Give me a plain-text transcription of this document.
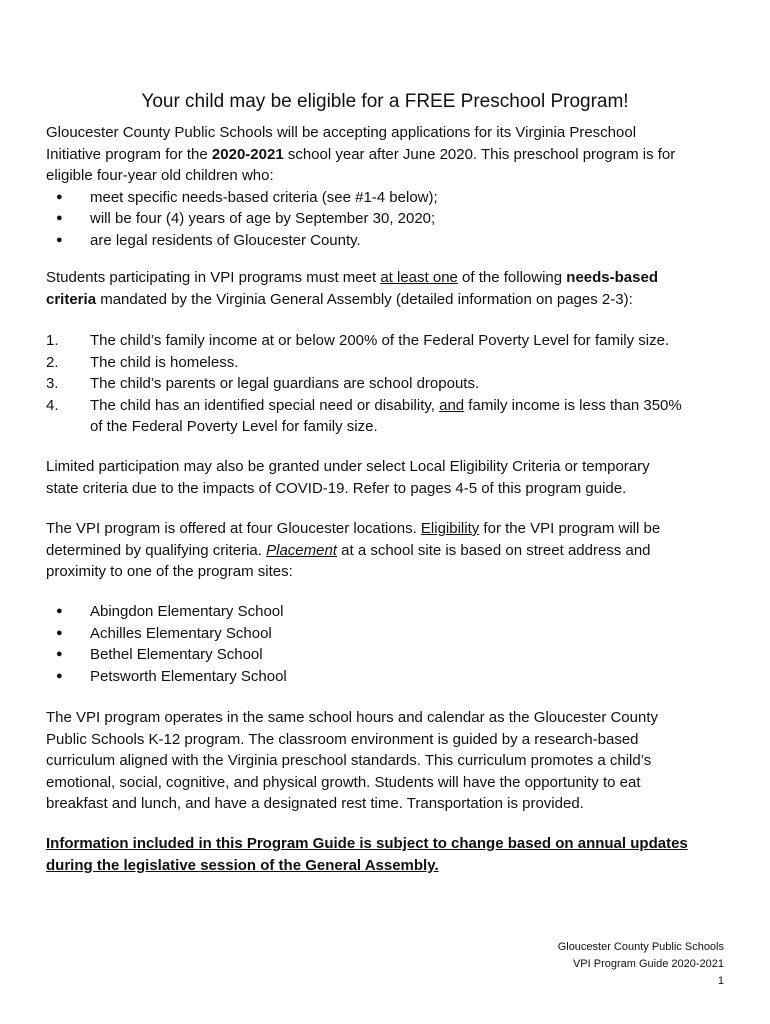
Your child may be eligible for a FREE Preschool Program!
Gloucester County Public Schools will be accepting applications for its Virginia Preschool
Initiative program for the 2020-2021 school year after June 2020. This preschool program is for
eligible four-year old children who:
● meet specific needs-based criteria (see #1-4 below);
● will be four (4) years of age by September 30, 2020;
● are legal residents of Gloucester County.
Students participating in VPI programs must meet at least one of the following needs-based
criteria mandated by the Virginia General Assembly (detailed information on pages 2-3):
1. The child’s family income at or below 200% of the Federal Poverty Level for family size.
2. The child is homeless.
3. The child’s parents or legal guardians are school dropouts.
4. The child has an identified special need or disability, and family income is less than 350%
of the Federal Poverty Level for family size.
Limited participation may also be granted under select Local Eligibility Criteria or temporary
state criteria due to the impacts of COVID-19. Refer to pages 4-5 of this program guide.
The VPI program is offered at four Gloucester locations. Eligibility for the VPI program will be
determined by qualifying criteria. Placement at a school site is based on street address and
proximity to one of the program sites:
● Abingdon Elementary School
● Achilles Elementary School
● Bethel Elementary School
● Petsworth Elementary School
The VPI program operates in the same school hours and calendar as the Gloucester County
Public Schools K-12 program. The classroom environment is guided by a research-based
curriculum aligned with the Virginia preschool standards. This curriculum promotes a child’s
emotional, social, cognitive, and physical growth. Students will have the opportunity to eat
breakfast and lunch, and have a designated rest time. Transportation is provided.
Information included in this Program Guide is subject to change based on annual updates
during the legislative session of the General Assembly.
Gloucester County Public Schools
VPI Program Guide 2020-2021
1
